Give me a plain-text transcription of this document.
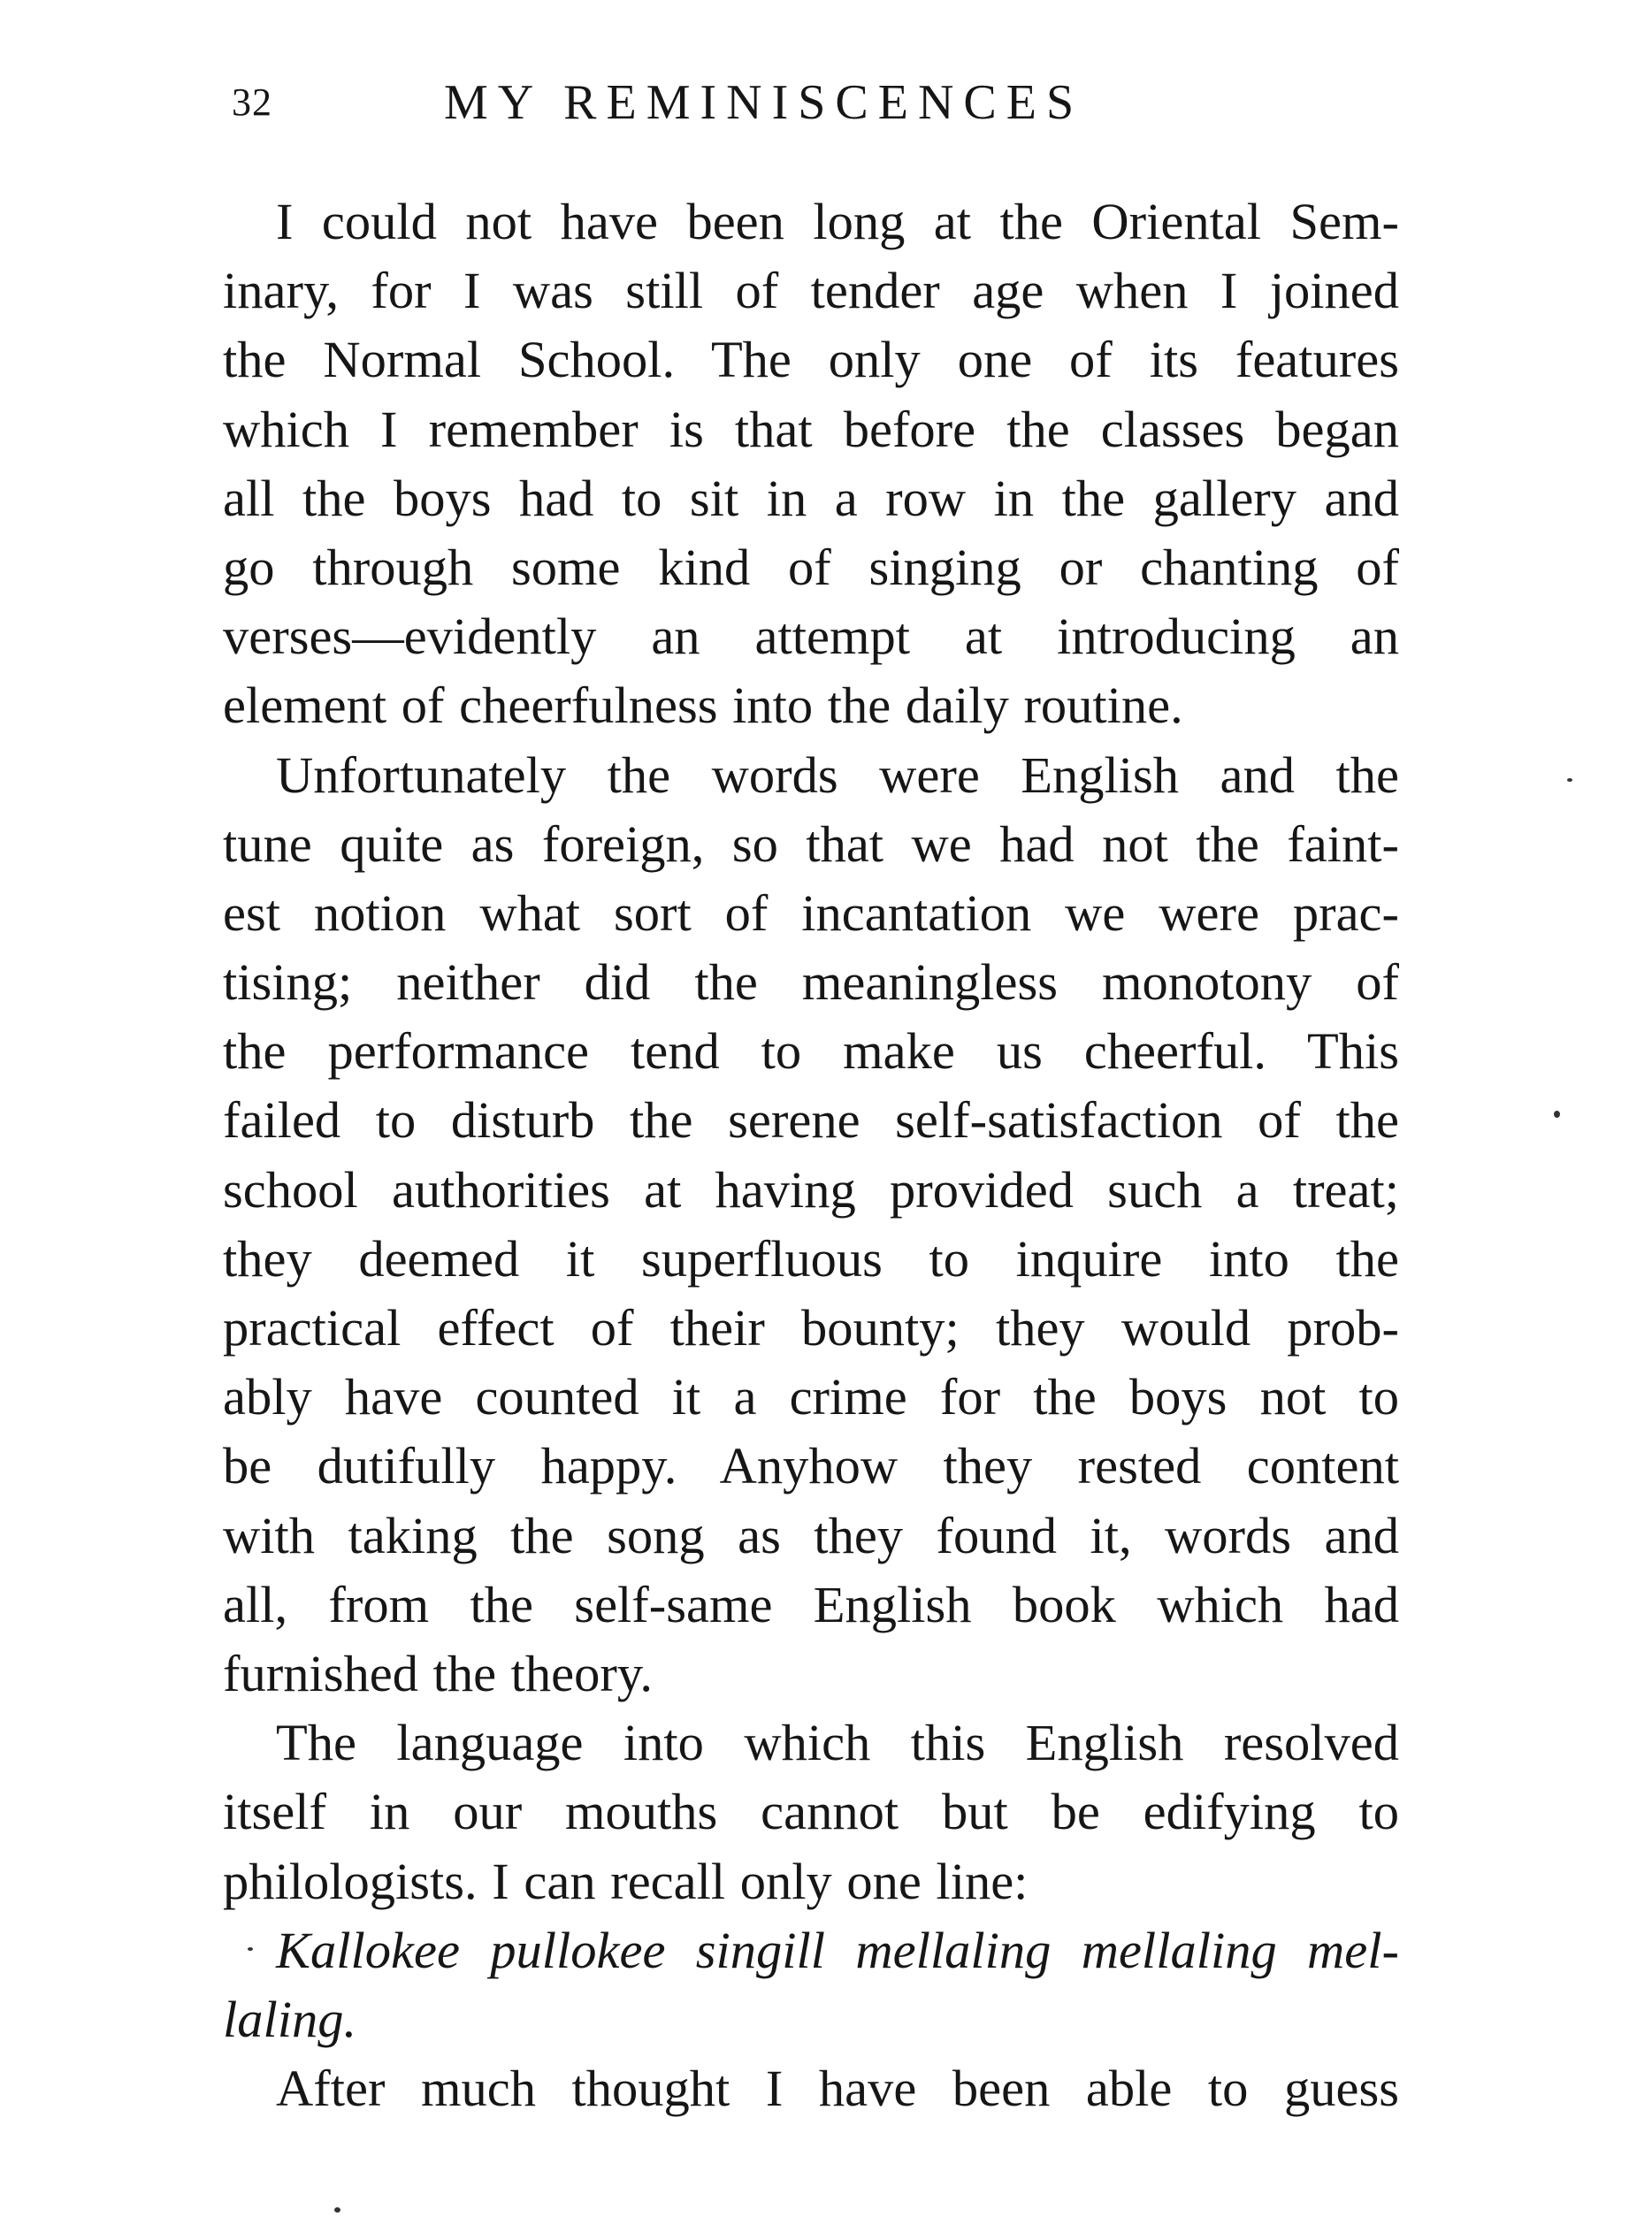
32	MY REMINISCENCES
I could not have been long at the Oriental Sem-
inary, for I was still of tender age when I joined
the Normal School. The only one of its features
which I remember is that before the classes began
all the boys had to sit in a row in the gallery and
go through some kind of singing or chanting of
verses—evidently an attempt at introducing an
element of cheerfulness into the daily routine.
Unfortunately the words were English and the
tune quite as foreign, so that we had not the faint-
est notion what sort of incantation we were prac-
tising; neither did the meaningless monotony of
the performance tend to make us cheerful. This
failed to disturb the serene self-satisfaction of the
school authorities at having provided such a treat;
they deemed it superfluous to inquire into the
practical effect of their bounty; they would prob-
ably have counted it a crime for the boys not to
be dutifully happy. Anyhow they rested content
with taking the song as they found it, words and
all, from the self-same English book which had
furnished the theory.
The language into which this English resolved
itself in our mouths cannot but be edifying to
philologists. I can recall only one line:
Kallokee pullokee singill mellaling mellaling mel-
laling.
After much thought I have been able to guess
